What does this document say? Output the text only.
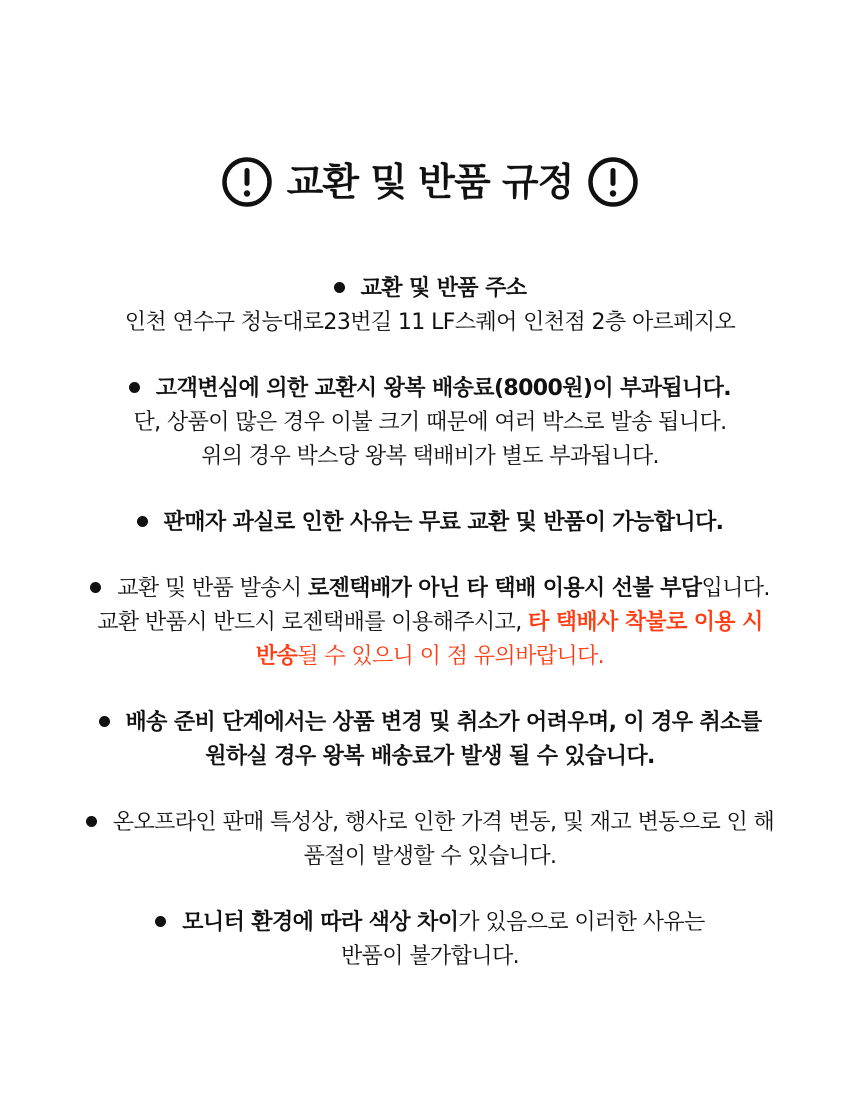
교환 및 반품 규정
교환 및 반품 주소
인천 연수구 청능대로23번길 11 LF스퀘어 인천점 2층 아르페지오
고객변심에 의한 교환시 왕복 배송료(8000원)이 부과됩니다.
단, 상품이 많은 경우 이불 크기 때문에 여러 박스로 발송 됩니다.
위의 경우 박스당 왕복 택배비가 별도 부과됩니다.
판매자 과실로 인한 사유는 무료 교환 및 반품이 가능합니다.
교환 및 반품 발송시 로젠택배가 아닌 타 택배 이용시 선불 부담입니다.
교환 반품시 반드시 로젠택배를 이용해주시고, 타 택배사 착불로 이용 시
반송될 수 있으니 이 점 유의바랍니다.
배송 준비 단계에서는 상품 변경 및 취소가 어려우며, 이 경우 취소를
원하실 경우 왕복 배송료가 발생 될 수 있습니다.
온오프라인 판매 특성상, 행사로 인한 가격 변동, 및 재고 변동으로 인 해
품절이 발생할 수 있습니다.
모니터 환경에 따라 색상 차이가 있음으로 이러한 사유는
반품이 불가합니다.
